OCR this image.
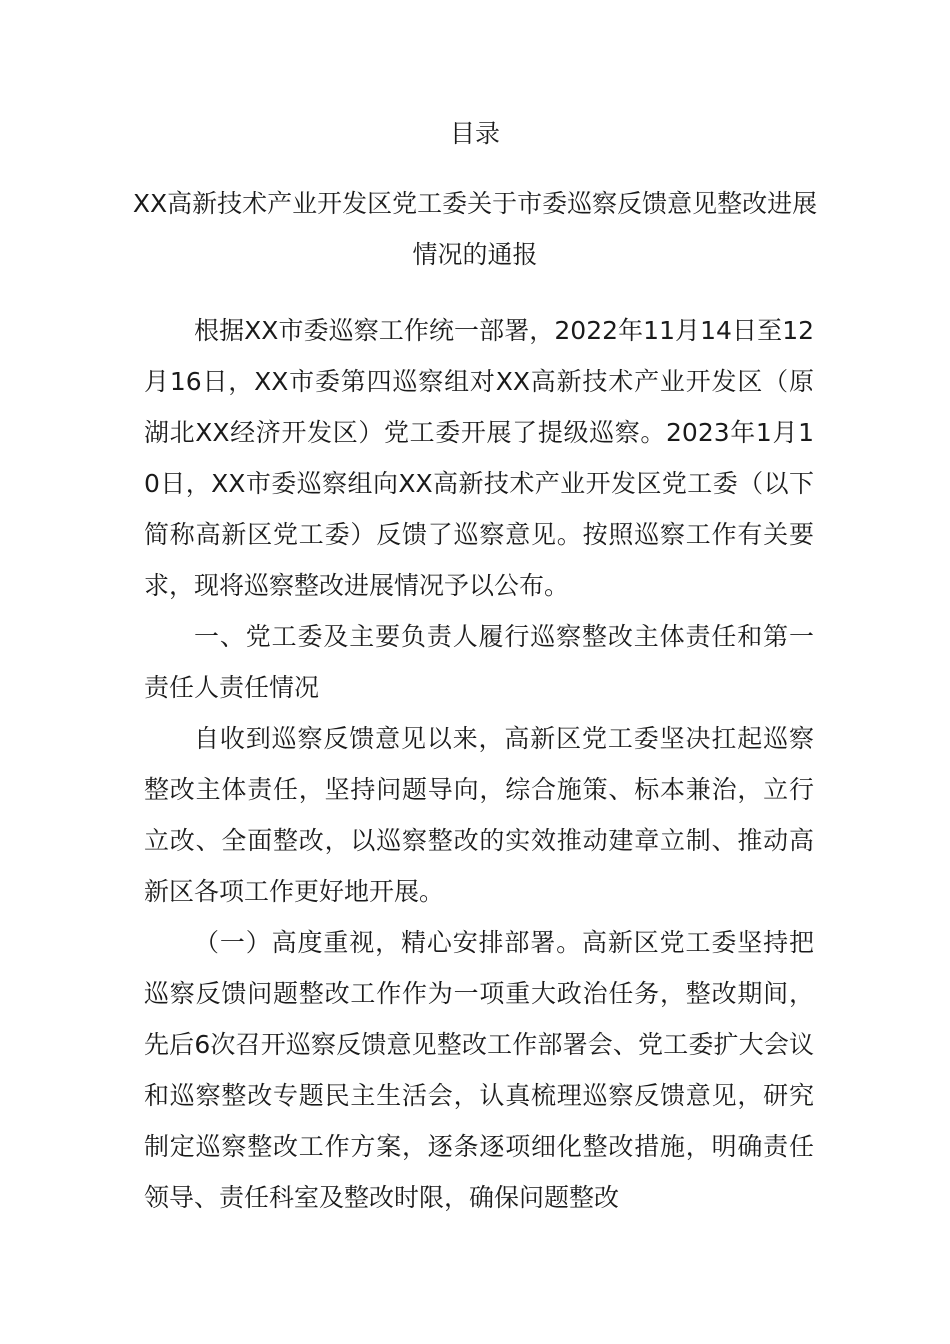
目录
XX高新技术产业开发区党工委关于市委巡察反馈意见整改进展情况的通报

根据XX市委巡察工作统一部署，2022年11月14日至12月16日，XX市委第四巡察组对XX高新技术产业开发区（原湖北XX经济开发区）党工委开展了提级巡察。2023年1月10日，XX市委巡察组向XX高新技术产业开发区党工委（以下简称高新区党工委）反馈了巡察意见。按照巡察工作有关要求，现将巡察整改进展情况予以公布。

一、党工委及主要负责人履行巡察整改主体责任和第一责任人责任情况

自收到巡察反馈意见以来，高新区党工委坚决扛起巡察整改主体责任，坚持问题导向，综合施策、标本兼治，立行立改、全面整改，以巡察整改的实效推动建章立制、推动高新区各项工作更好地开展。

（一）高度重视，精心安排部署。高新区党工委坚持把巡察反馈问题整改工作作为一项重大政治任务，整改期间，先后6次召开巡察反馈意见整改工作部署会、党工委扩大会议和巡察整改专题民主生活会，认真梳理巡察反馈意见，研究制定巡察整改工作方案，逐条逐项细化整改措施，明确责任领导、责任科室及整改时限，确保问题整改
